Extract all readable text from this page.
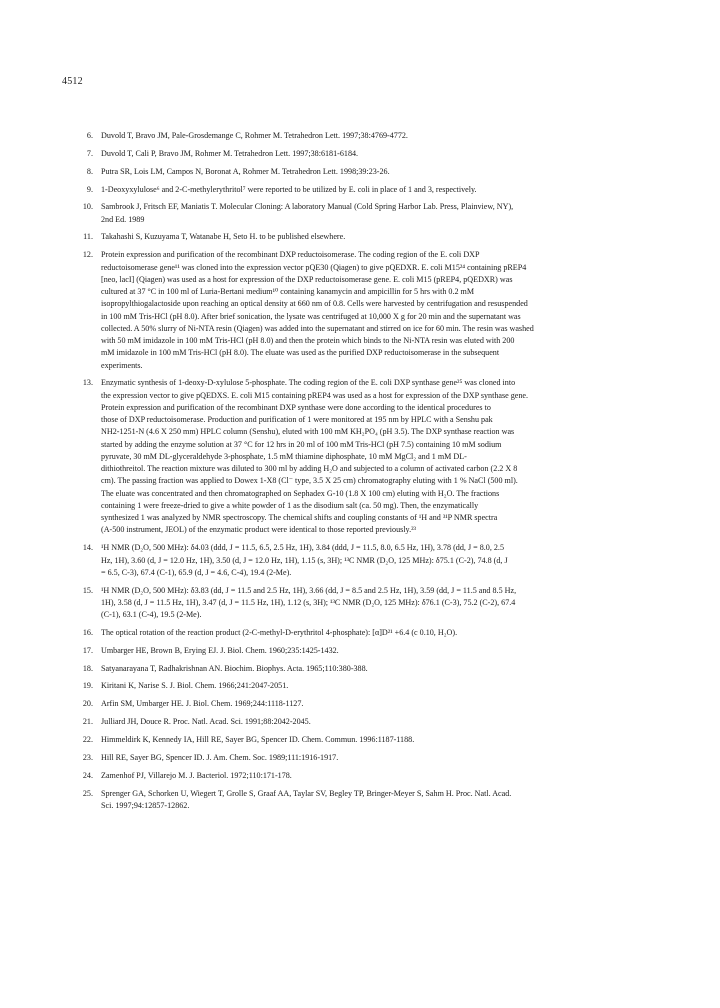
4512
6. Duvold T, Bravo JM, Pale-Grosdemange C, Rohmer M. Tetrahedron Lett. 1997;38:4769-4772.
7. Duvold T, Cali P, Bravo JM, Rohmer M. Tetrahedron Lett. 1997;38:6181-6184.
8. Putra SR, Lois LM, Campos N, Boronat A, Rohmer M. Tetrahedron Lett. 1998;39:23-26.
9. 1-Deoxyxylulose⁶ and 2-C-methylerythritol⁷ were reported to be utilized by E. coli in place of 1 and 3, respectively.
10. Sambrook J, Fritsch EF, Maniatis T. Molecular Cloning: A laboratory Manual (Cold Spring Harbor Lab. Press, Plainview, NY),
2nd Ed. 1989
11. Takahashi S, Kuzuyama T, Watanabe H, Seto H. to be published elsewhere.
12. Protein expression and purification of the recombinant DXP reductoisomerase. The coding region of the E. coli DXP
reductoisomerase gene¹¹ was cloned into the expression vector pQE30 (Qiagen) to give pQEDXR. E. coli M15²⁴ containing pREP4
[neo, lacI] (Qiagen) was used as a host for expression of the DXP reductoisomerase gene. E. coli M15 (pREP4, pQEDXR) was
cultured at 37 °C in 100 ml of Luria-Bertani medium¹⁰ containing kanamycin and ampicillin for 5 hrs with 0.2 mM
isopropylthiogalactoside upon reaching an optical density at 660 nm of 0.8. Cells were harvested by centrifugation and resuspended
in 100 mM Tris-HCl (pH 8.0). After brief sonication, the lysate was centrifuged at 10,000 X g for 20 min and the supernatant was
collected. A 50% slurry of Ni-NTA resin (Qiagen) was added into the supernatant and stirred on ice for 60 min. The resin was washed
with 50 mM imidazole in 100 mM Tris-HCl (pH 8.0) and then the protein which binds to the Ni-NTA resin was eluted with 200
mM imidazole in 100 mM Tris-HCl (pH 8.0). The eluate was used as the purified DXP reductoisomerase in the subsequent
experiments.
13. Enzymatic synthesis of 1-deoxy-D-xylulose 5-phosphate. The coding region of the E. coli DXP synthase gene²⁵ was cloned into
the expression vector to give pQEDXS. E. coli M15 containing pREP4 was used as a host for expression of the DXP synthase gene.
Protein expression and purification of the recombinant DXP synthase were done according to the identical procedures to
those of DXP reductoisomerase. Production and purification of 1 were monitored at 195 nm by HPLC with a Senshu pak
NH2-1251-N (4.6 X 250 mm) HPLC column (Senshu), eluted with 100 mM KH₂PO₄ (pH 3.5). The DXP synthase reaction was
started by adding the enzyme solution at 37 °C for 12 hrs in 20 ml of 100 mM Tris-HCl (pH 7.5) containing 10 mM sodium
pyruvate, 30 mM DL-glyceraldehyde 3-phosphate, 1.5 mM thiamine diphosphate, 10 mM MgCl₂ and 1 mM DL-
dithiothreitol. The reaction mixture was diluted to 300 ml by adding H₂O and subjected to a column of activated carbon (2.2 X 8
cm). The passing fraction was applied to Dowex 1-X8 (Cl⁻ type, 3.5 X 25 cm) chromatography eluting with 1 % NaCl (500 ml).
The eluate was concentrated and then chromatographed on Sephadex G-10 (1.8 X 100 cm) eluting with H₂O. The fractions
containing 1 were freeze-dried to give a white powder of 1 as the disodium salt (ca. 50 mg). Then, the enzymatically
synthesized 1 was analyzed by NMR spectroscopy. The chemical shifts and coupling constants of ¹H and ³¹P NMR spectra
(A-500 instrument, JEOL) of the enzymatic product were identical to those reported previously.²³
14. ¹H NMR (D₂O, 500 MHz): δ4.03 (ddd, J = 11.5, 6.5, 2.5 Hz, 1H), 3.84 (ddd, J = 11.5, 8.0, 6.5 Hz, 1H), 3.78 (dd, J = 8.0, 2.5
Hz, 1H), 3.60 (d, J = 12.0 Hz, 1H), 3.50 (d, J = 12.0 Hz, 1H), 1.15 (s, 3H); ¹³C NMR (D₂O, 125 MHz): δ75.1 (C-2), 74.8 (d, J
= 6.5, C-3), 67.4 (C-1), 65.9 (d, J = 4.6, C-4), 19.4 (2-Me).
15. ¹H NMR (D₂O, 500 MHz): δ3.83 (dd, J = 11.5 and 2.5 Hz, 1H), 3.66 (dd, J = 8.5 and 2.5 Hz, 1H), 3.59 (dd, J = 11.5 and 8.5 Hz,
1H), 3.58 (d, J = 11.5 Hz, 1H), 3.47 (d, J = 11.5 Hz, 1H), 1.12 (s, 3H); ¹³C NMR (D₂O, 125 MHz): δ76.1 (C-3), 75.2 (C-2), 67.4
(C-1), 63.1 (C-4), 19.5 (2-Me).
16. The optical rotation of the reaction product (2-C-methyl-D-erythritol 4-phosphate): [α]D²¹ +6.4 (c 0.10, H₂O).
17. Umbarger HE, Brown B, Erying EJ. J. Biol. Chem. 1960;235:1425-1432.
18. Satyanarayana T, Radhakrishnan AN. Biochim. Biophys. Acta. 1965;110:380-388.
19. Kiritani K, Narise S. J. Biol. Chem. 1966;241:2047-2051.
20. Arfin SM, Umbarger HE. J. Biol. Chem. 1969;244:1118-1127.
21. Julliard JH, Douce R. Proc. Natl. Acad. Sci. 1991;88:2042-2045.
22. Himmeldirk K, Kennedy IA, Hill RE, Sayer BG, Spencer ID. Chem. Commun. 1996:1187-1188.
23. Hill RE, Sayer BG, Spencer ID. J. Am. Chem. Soc. 1989;111:1916-1917.
24. Zamenhof PJ, Villarejo M. J. Bacteriol. 1972;110:171-178.
25. Sprenger GA, Schorken U, Wiegert T, Grolle S, Graaf AA, Taylar SV, Begley TP, Bringer-Meyer S, Sahm H. Proc. Natl. Acad.
Sci. 1997;94:12857-12862.
